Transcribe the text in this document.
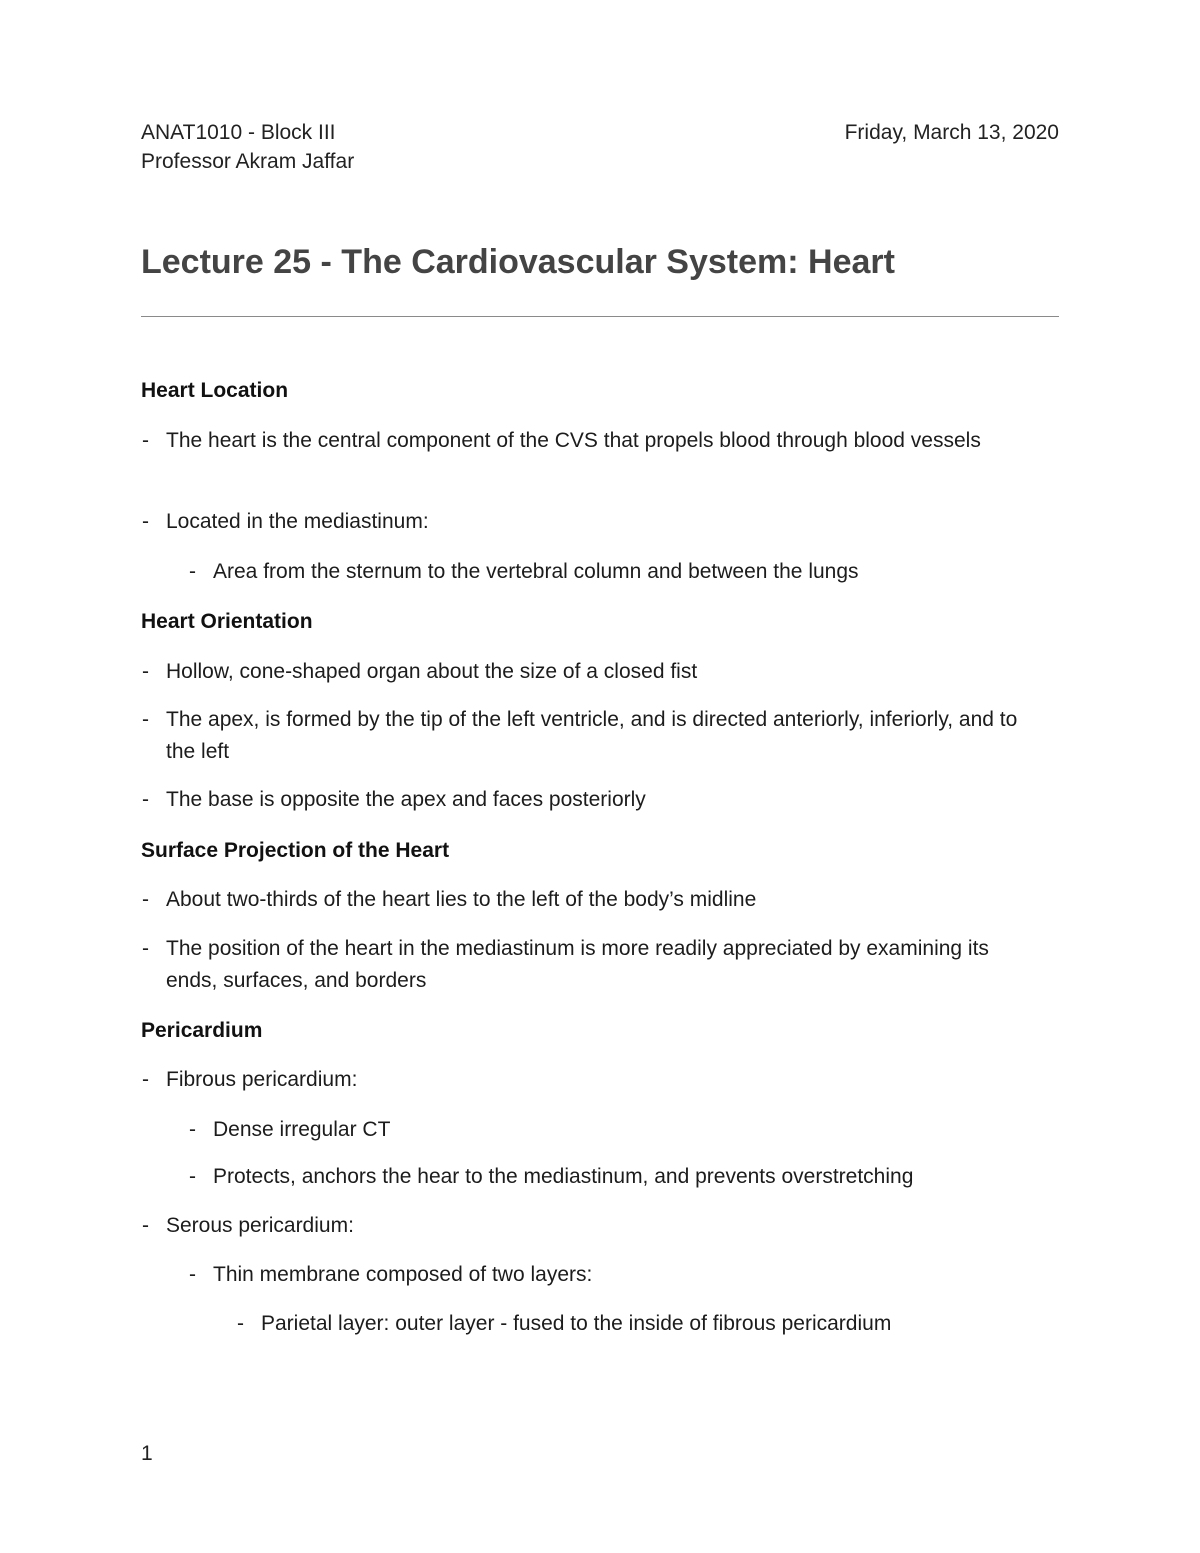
ANAT1010 - Block III
Professor Akram Jaffar
Friday, March 13, 2020
Lecture 25 - The Cardiovascular System: Heart
Heart Location
- The heart is the central component of the CVS that propels blood through blood vessels
- Located in the mediastinum:
- Area from the sternum to the vertebral column and between the lungs
Heart Orientation
- Hollow, cone-shaped organ about the size of a closed fist
- The apex, is formed by the tip of the left ventricle, and is directed anteriorly, inferiorly, and to the left
- The base is opposite the apex and faces posteriorly
Surface Projection of the Heart
- About two-thirds of the heart lies to the left of the body’s midline
- The position of the heart in the mediastinum is more readily appreciated by examining its ends, surfaces, and borders
Pericardium
- Fibrous pericardium:
- Dense irregular CT
- Protects, anchors the hear to the mediastinum, and prevents overstretching
- Serous pericardium:
- Thin membrane composed of two layers:
- Parietal layer: outer layer - fused to the inside of fibrous pericardium
1
